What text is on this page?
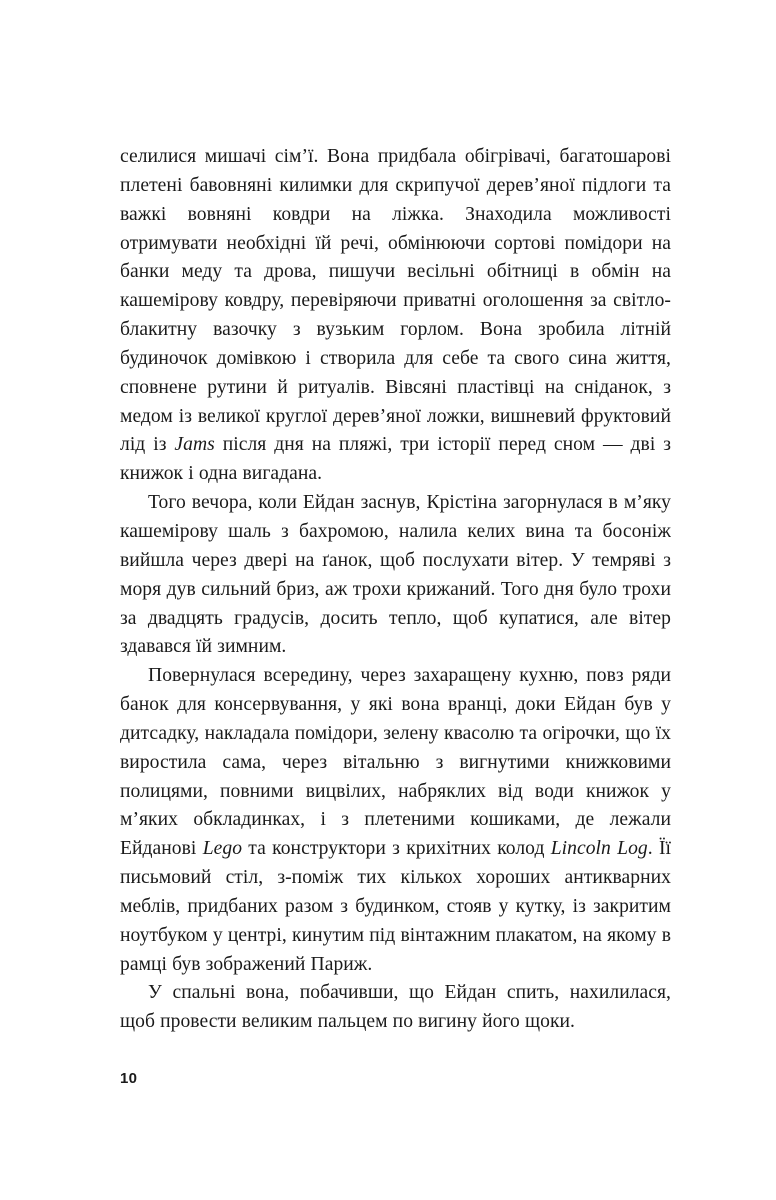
селилися мишачі сім’ї. Вона придбала обігрівачі, багатошарові плетені бавовняні килимки для скрипучої дерев’яної підлоги та важкі вовняні ковдри на ліжка. Знаходила можливості отримувати необхідні їй речі, обмінюючи сортові помідори на банки меду та дрова, пишучи весільні обітниці в обмін на кашемірову ковдру, перевіряючи приватні оголошення за світло-блакитну вазочку з вузьким горлом. Вона зробила літній будиночок домівкою і створила для себе та свого сина життя, сповнене рутини й ритуалів. Вівсяні пластівці на сніданок, з медом із великої круглої дерев’яної ложки, вишневий фруктовий лід із Jams після дня на пляжі, три історії перед сном — дві з книжок і одна вигадана.

Того вечора, коли Ейдан заснув, Крістіна загорнулася в м’яку кашемірову шаль з бахромою, налила келих вина та босоніж вийшла через двері на ґанок, щоб послухати вітер. У темряві з моря дув сильний бриз, аж трохи крижаний. Того дня було трохи за двадцять градусів, досить тепло, щоб купатися, але вітер здавався їй зимним.

Повернулася всередину, через захаращену кухню, повз ряди банок для консервування, у які вона вранці, доки Ейдан був у дитсадку, накладала помідори, зелену квасолю та огірочки, що їх виростила сама, через вітальню з вигнутими книжковими полицями, повними вицвілих, набряклих від води книжок у м’яких обкладинках, і з плетеними кошиками, де лежали Ейданові Lego та конструктори з крихітних колод Lincoln Log. Її письмовий стіл, з-поміж тих кількох хороших антикварних меблів, придбаних разом з будинком, стояв у кутку, із закритим ноутбуком у центрі, кинутим під вінтажним плакатом, на якому в рамці був зображений Париж.

У спальні вона, побачивши, що Ейдан спить, нахилилася, щоб провести великим пальцем по вигину його щоки.

10
